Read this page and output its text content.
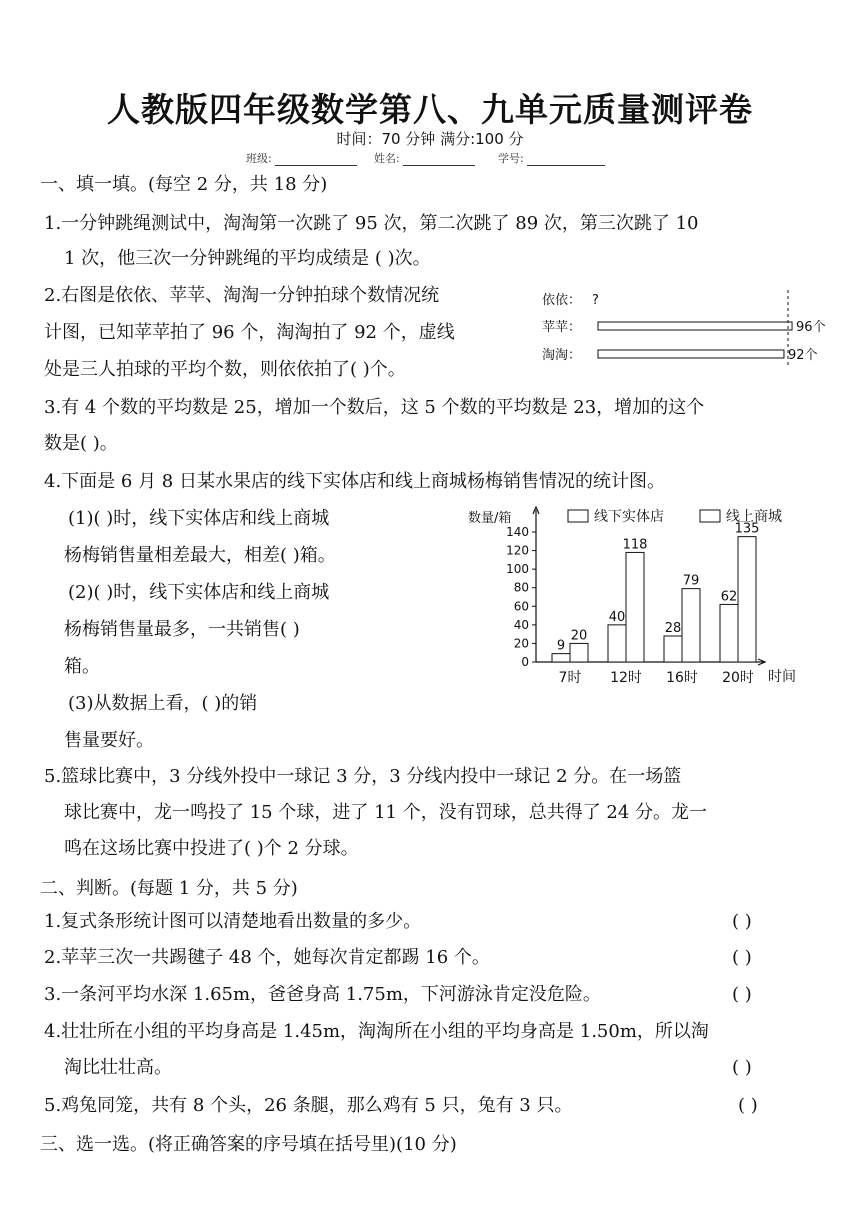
人教版四年级数学第八、九单元质量测评卷
时间：70 分钟 满分:100 分
班级:	姓名:	学号:
一、填一填。(每空 2 分，共 18 分)
1.一分钟跳绳测试中，淘淘第一次跳了 95 次，第二次跳了 89 次，第三次跳了 10
1 次，他三次一分钟跳绳的平均成绩是 ( )次。
2.右图是依依、苹苹、淘淘一分钟拍球个数情况统
计图，已知苹苹拍了 96 个，淘淘拍了 92 个，虚线
处是三人拍球的平均个数，则依依拍了( )个。
依依： ?
苹苹：	96个
淘淘：	92个
3.有 4 个数的平均数是 25，增加一个数后，这 5 个数的平均数是 23，增加的这个
数是( )。
4.下面是 6 月 8 日某水果店的线下实体店和线上商城杨梅销售情况的统计图。
(1)( )时，线下实体店和线上商城
杨梅销售量相差最大，相差( )箱。
(2)( )时，线下实体店和线上商城
杨梅销售量最多，一共销售( )
箱。
(3)从数据上看，( )的销
售量要好。
数量/箱
时间
0
20
40
60
80
100
120
140
线下实体店	线上商城
9
20
7时
40
118
12时
28
79
16时
62
135
20时
5.篮球比赛中，3 分线外投中一球记 3 分，3 分线内投中一球记 2 分。在一场篮
球比赛中，龙一鸣投了 15 个球，进了 11 个，没有罚球，总共得了 24 分。龙一
鸣在这场比赛中投进了( )个 2 分球。
二、判断。(每题 1 分，共 5 分)
1.复式条形统计图可以清楚地看出数量的多少。	( )
2.苹苹三次一共踢毽子 48 个，她每次肯定都踢 16 个。	( )
3.一条河平均水深 1.65m，爸爸身高 1.75m，下河游泳肯定没危险。	( )
4.壮壮所在小组的平均身高是 1.45m，淘淘所在小组的平均身高是 1.50m，所以淘
淘比壮壮高。	( )
5.鸡兔同笼，共有 8 个头，26 条腿，那么鸡有 5 只，兔有 3 只。	( )
三、选一选。(将正确答案的序号填在括号里)(10 分)
